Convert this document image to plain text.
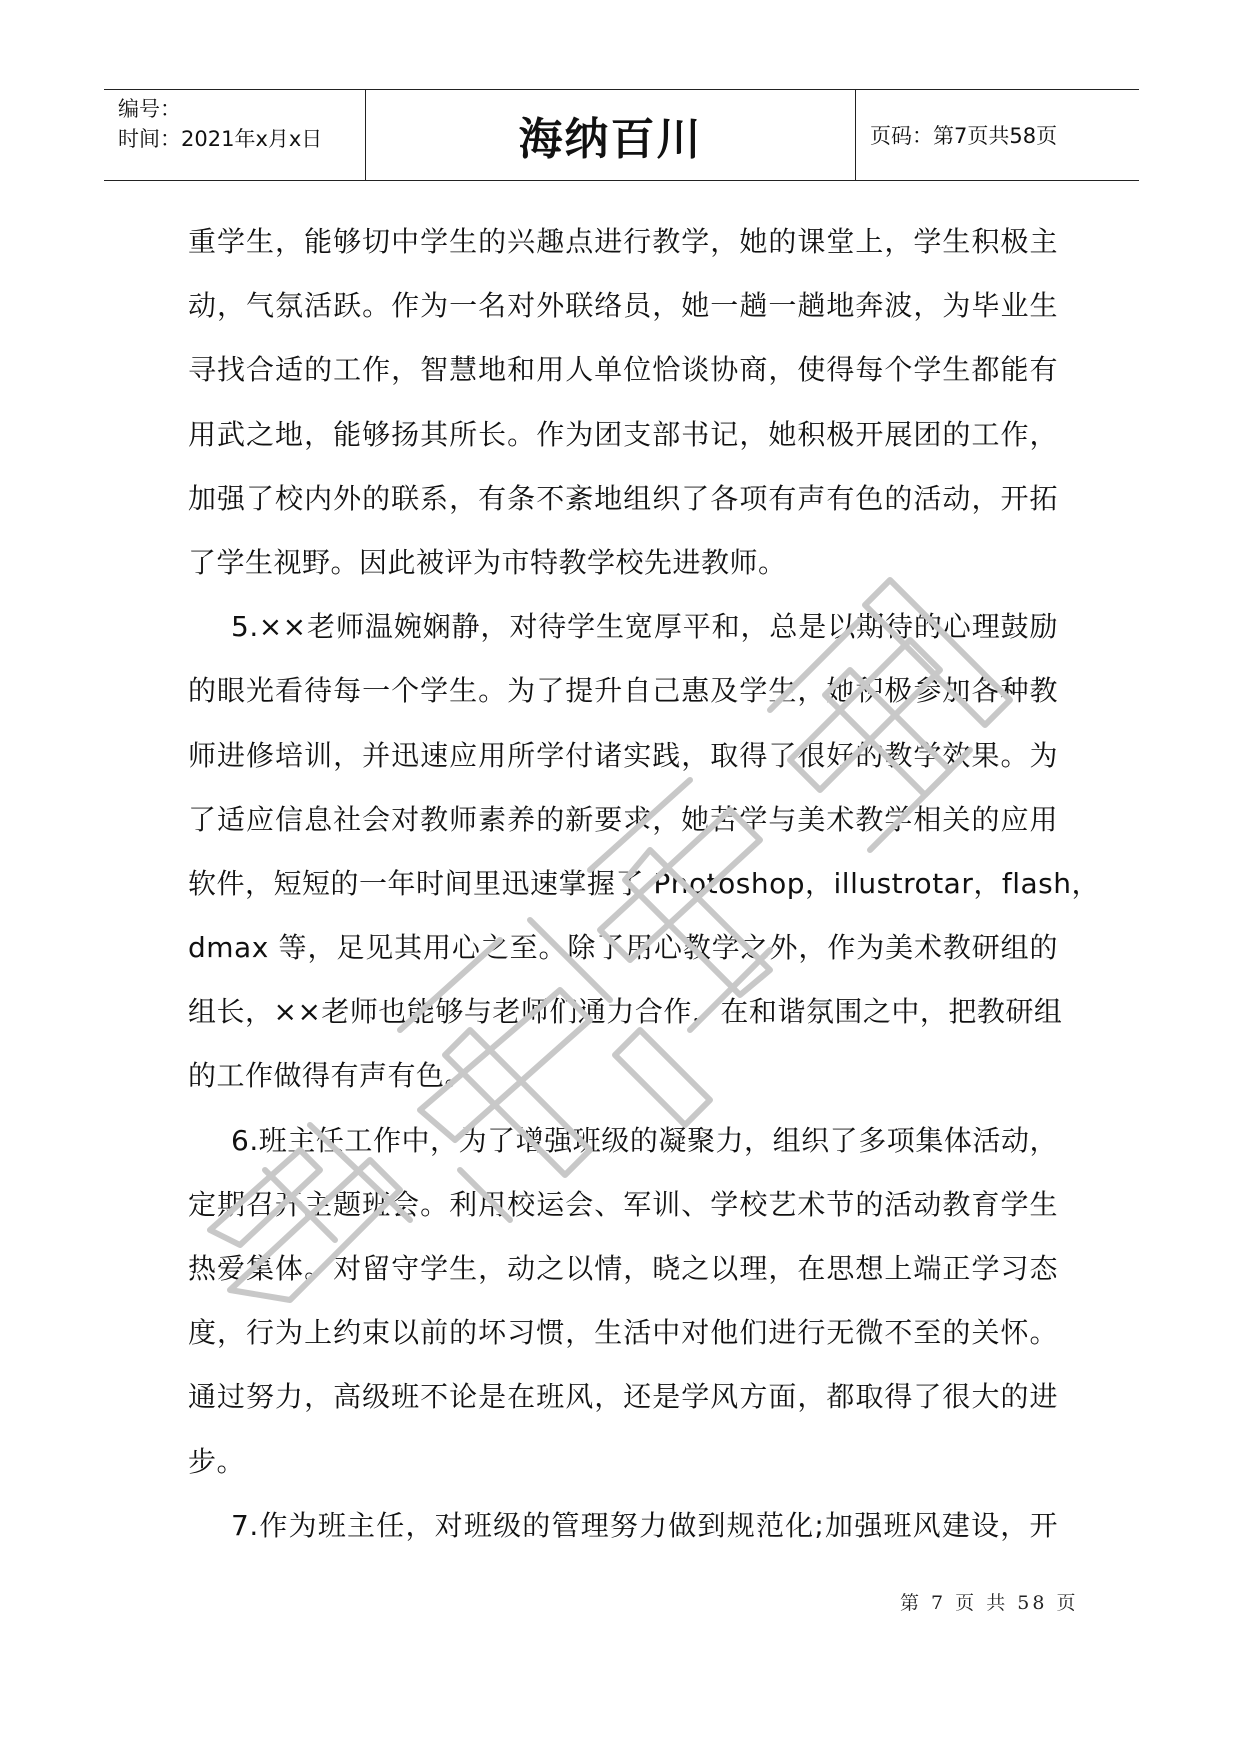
编号：
时间：2021年x月x日	海纳百川	页码：第7页共58页
重学生，能够切中学生的兴趣点进行教学，她的课堂上，学生积极主
动，气氛活跃。作为一名对外联络员，她一趟一趟地奔波，为毕业生
寻找合适的工作，智慧地和用人单位恰谈协商，使得每个学生都能有
用武之地，能够扬其所长。作为团支部书记，她积极开展团的工作，
加强了校内外的联系，有条不紊地组织了各项有声有色的活动，开拓
了学生视野。因此被评为市特教学校先进教师。
5.××老师温婉娴静，对待学生宽厚平和，总是以期待的心理鼓励
的眼光看待每一个学生。为了提升自己惠及学生，她积极参加各种教
师进修培训，并迅速应用所学付诸实践，取得了很好的教学效果。为
了适应信息社会对教师素养的新要求，她苦学与美术教学相关的应用
软件，短短的一年时间里迅速掌握了 Photoshop，illustrotar，flash，
dmax 等，足见其用心之至。除了用心教学之外，作为美术教研组的
组长，××老师也能够与老师们通力合作，在和谐氛围之中，把教研组
的工作做得有声有色。
6.班主任工作中，为了增强班级的凝聚力，组织了多项集体活动，
定期召开主题班会。利用校运会、军训、学校艺术节的活动教育学生
热爱集体。对留守学生，动之以情，晓之以理，在思想上端正学习态
度，行为上约束以前的坏习惯，生活中对他们进行无微不至的关怀。
通过努力，高级班不论是在班风，还是学风方面，都取得了很大的进
步。
7.作为班主任，对班级的管理努力做到规范化;加强班风建设，开
第 7 页 共 58 页
